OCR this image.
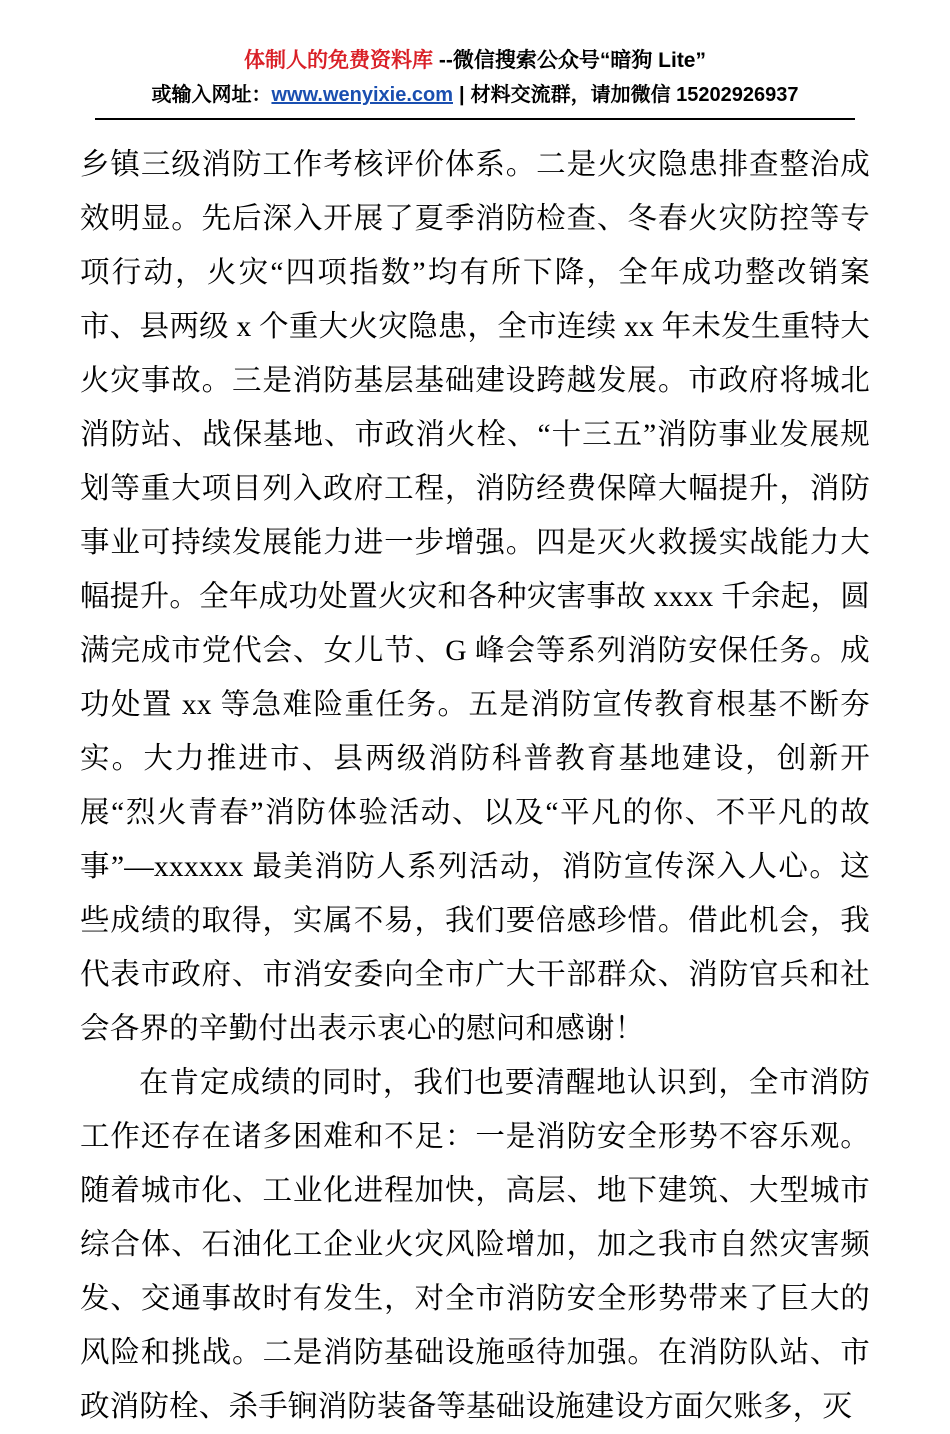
体制人的免费资料库 --微信搜索公众号“暗狗 Lite”
或输入网址：www.wenyixie.com | 材料交流群，请加微信 15202926937

乡镇三级消防工作考核评价体系。二是火灾隐患排查整治成效明显。先后深入开展了夏季消防检查、冬春火灾防控等专项行动，火灾“四项指数”均有所下降，全年成功整改销案市、县两级 x 个重大火灾隐患，全市连续 xx 年未发生重特大火灾事故。三是消防基层基础建设跨越发展。市政府将城北消防站、战保基地、市政消火栓、“十三五”消防事业发展规划等重大项目列入政府工程，消防经费保障大幅提升，消防事业可持续发展能力进一步增强。四是灭火救援实战能力大幅提升。全年成功处置火灾和各种灾害事故 xxxx 千余起，圆满完成市党代会、女儿节、G 峰会等系列消防安保任务。成功处置 xx 等急难险重任务。五是消防宣传教育根基不断夯实。大力推进市、县两级消防科普教育基地建设，创新开展“烈火青春”消防体验活动、以及“平凡的你、不平凡的故事”—xxxxxx 最美消防人系列活动，消防宣传深入人心。这些成绩的取得，实属不易，我们要倍感珍惜。借此机会，我代表市政府、市消安委向全市广大干部群众、消防官兵和社会各界的辛勤付出表示衷心的慰问和感谢！

在肯定成绩的同时，我们也要清醒地认识到，全市消防工作还存在诸多困难和不足：一是消防安全形势不容乐观。随着城市化、工业化进程加快，高层、地下建筑、大型城市综合体、石油化工企业火灾风险增加，加之我市自然灾害频发、交通事故时有发生，对全市消防安全形势带来了巨大的风险和挑战。二是消防基础设施亟待加强。在消防队站、市政消防栓、杀手锏消防装备等基础设施建设方面欠账多，灭
